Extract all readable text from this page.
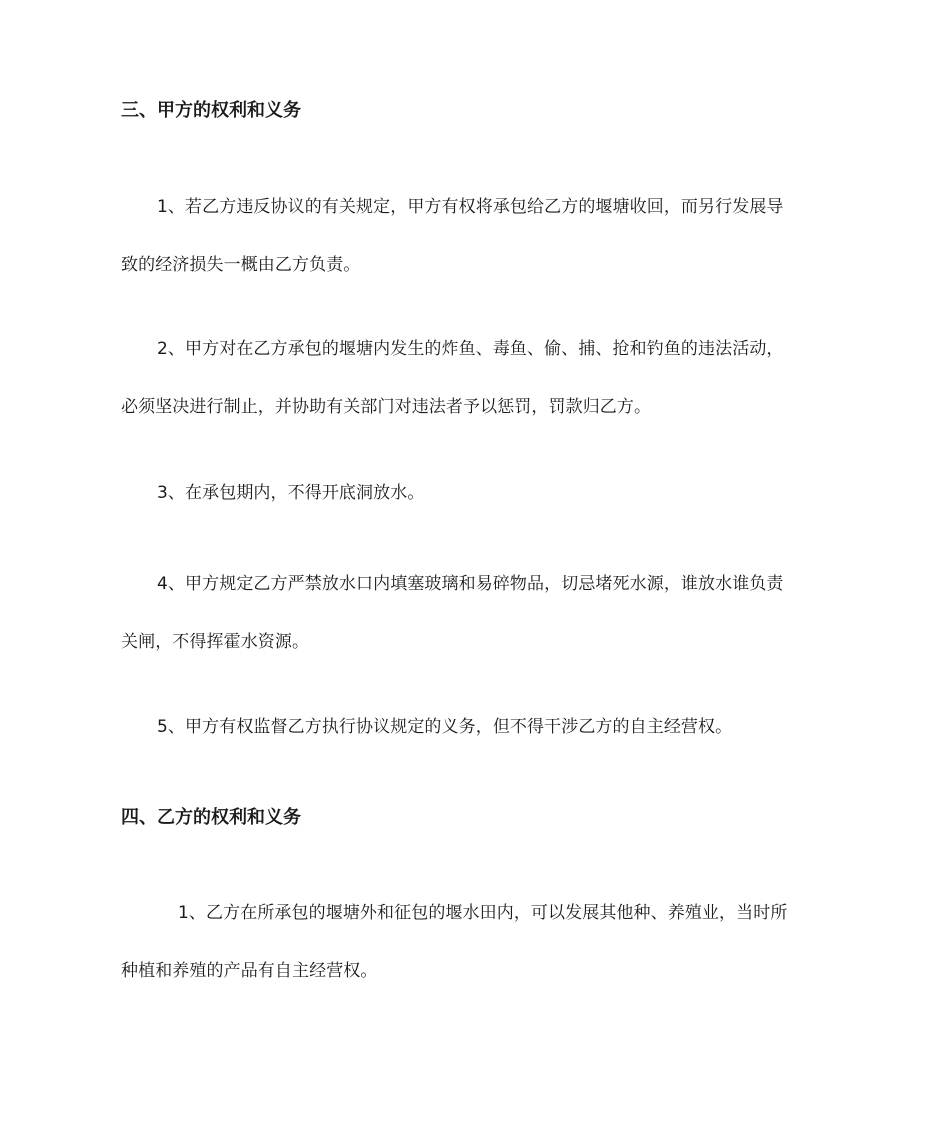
三、甲方的权利和义务
1、若乙方违反协议的有关规定，甲方有权将承包给乙方的堰塘收回，而另行发展导
致的经济损失一概由乙方负责。
2、甲方对在乙方承包的堰塘内发生的炸鱼、毒鱼、偷、捕、抢和钓鱼的违法活动，
必须坚决进行制止，并协助有关部门对违法者予以惩罚，罚款归乙方。
3、在承包期内，不得开底洞放水。
4、甲方规定乙方严禁放水口内填塞玻璃和易碎物品，切忌堵死水源，谁放水谁负责
关闸，不得挥霍水资源。
5、甲方有权监督乙方执行协议规定的义务，但不得干涉乙方的自主经营权。
四、乙方的权利和义务
1、乙方在所承包的堰塘外和征包的堰水田内，可以发展其他种、养殖业，当时所
种植和养殖的产品有自主经营权。
